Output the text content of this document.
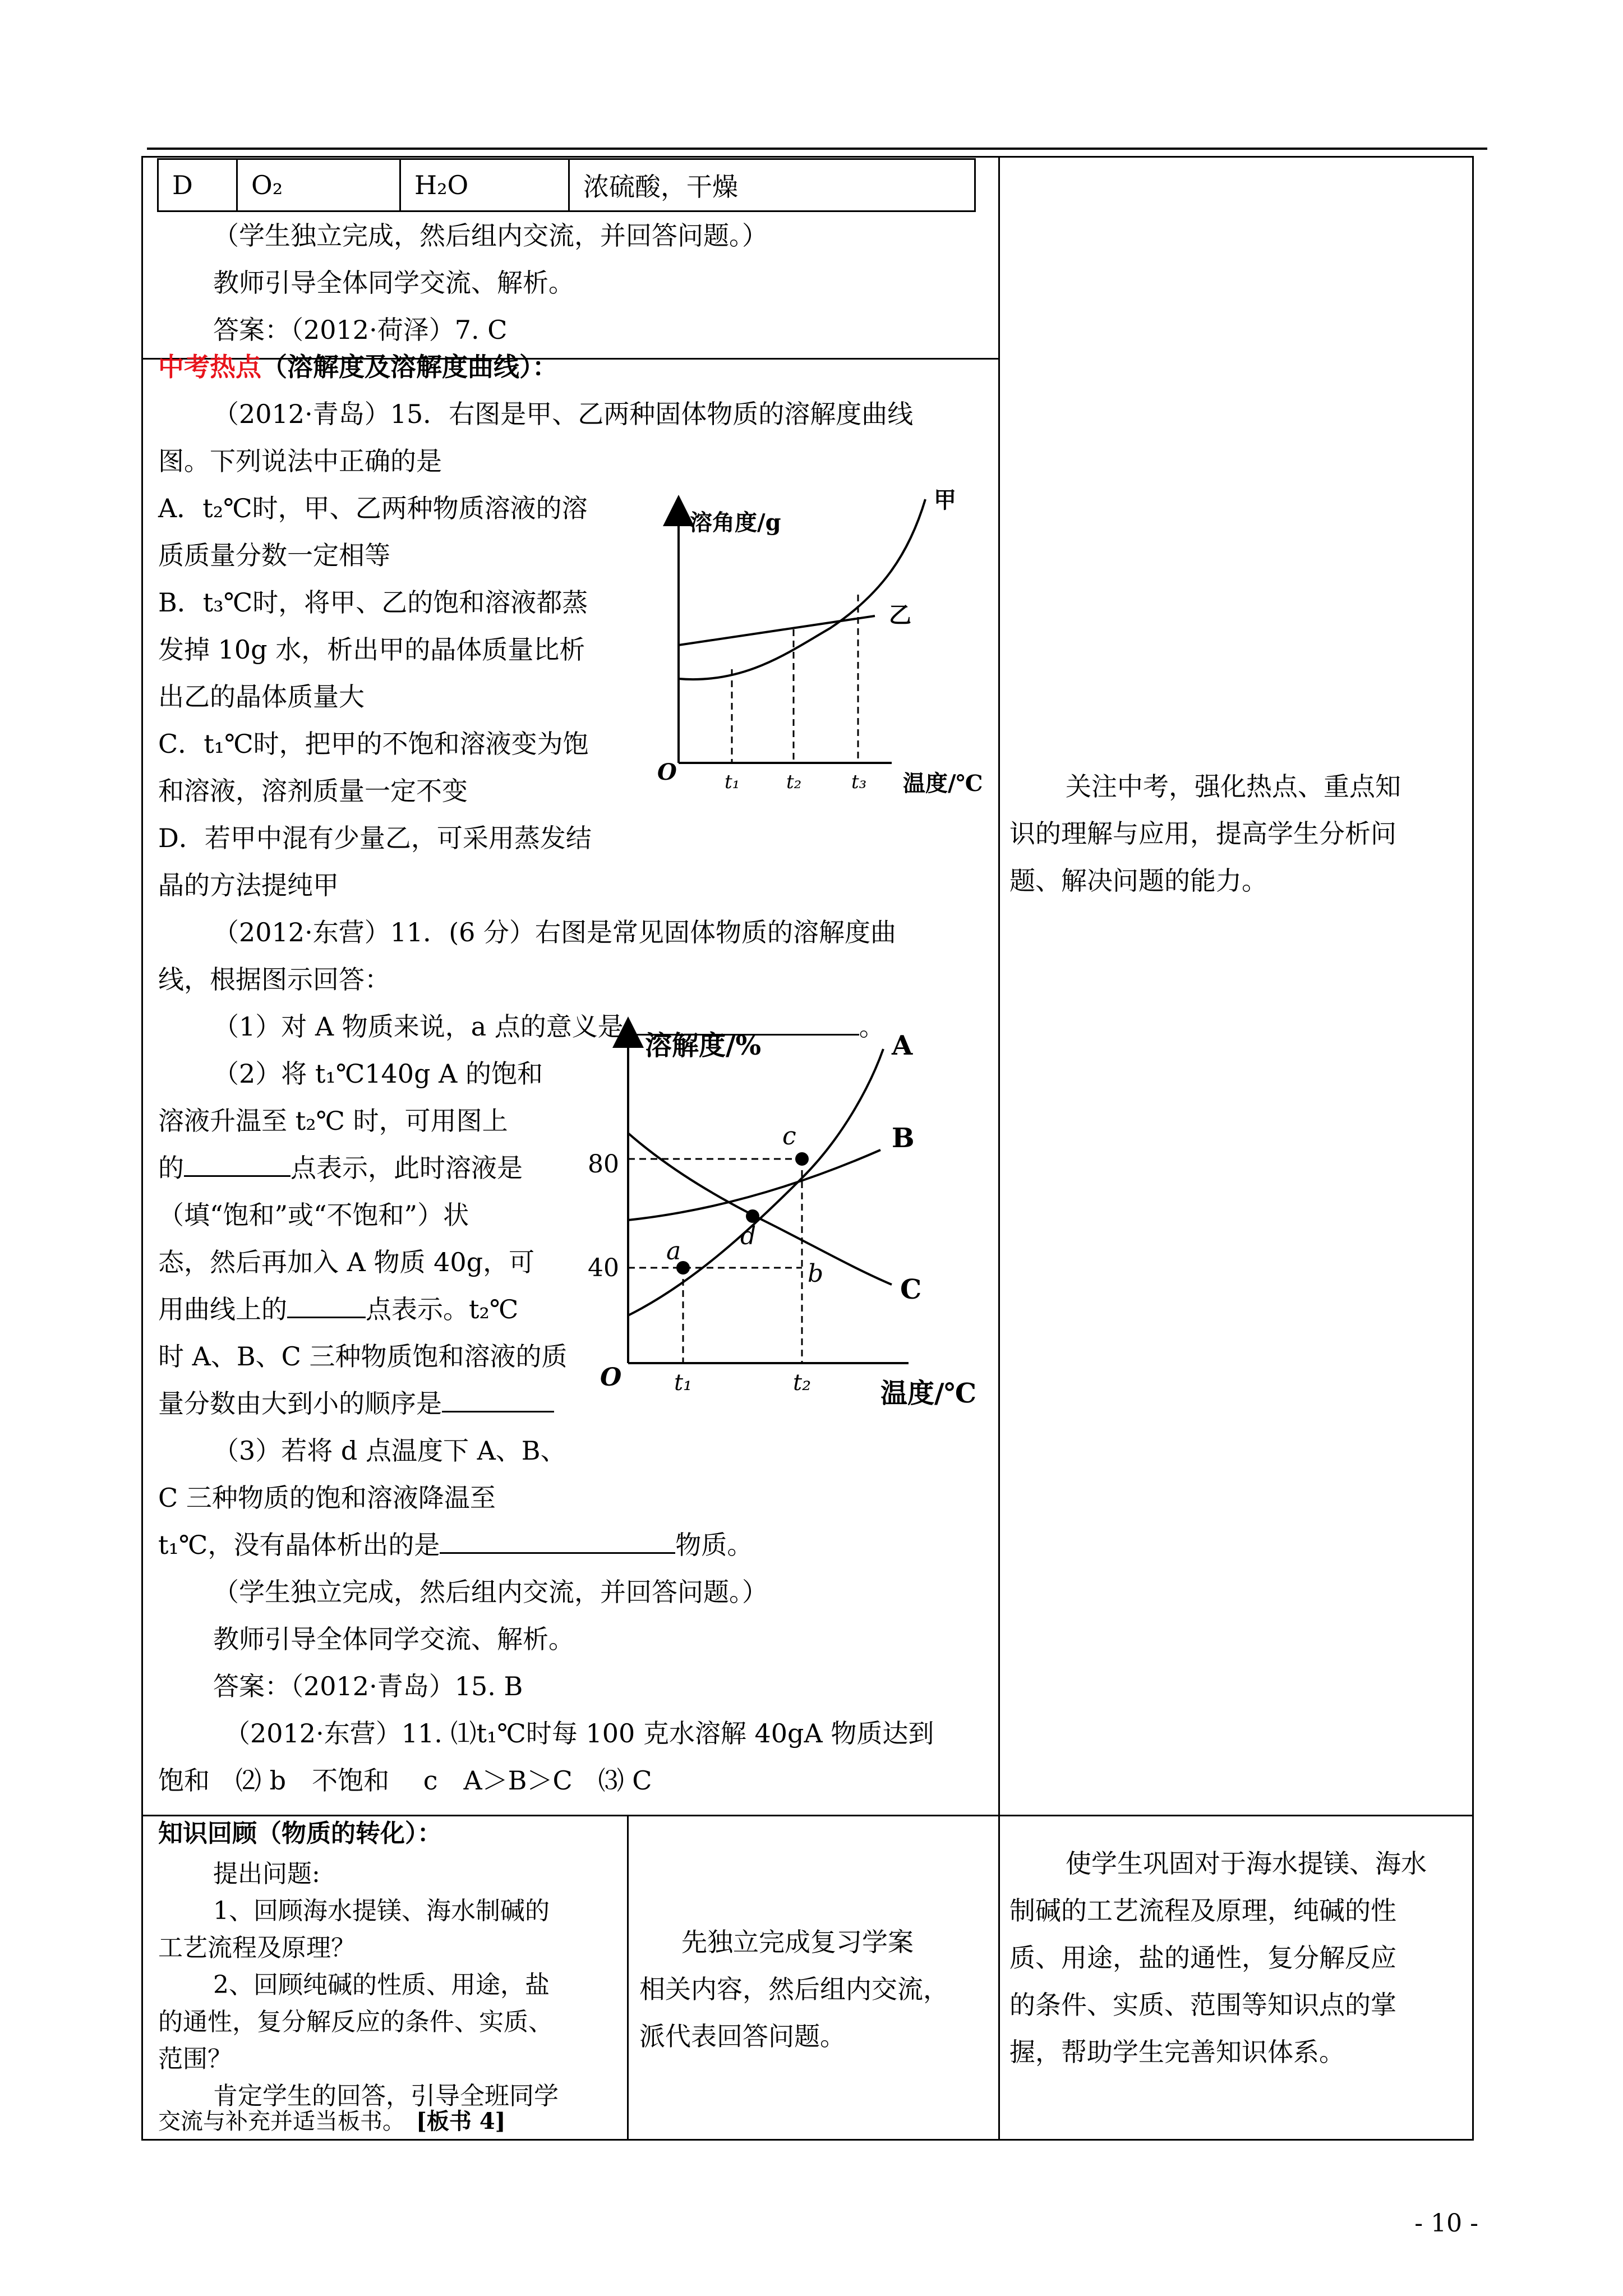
D	O₂	H₂O	浓硫酸，干燥
（学生独立完成，然后组内交流，并回答问题。）
教师引导全体同学交流、解析。
答案：（2012·荷泽）7. C
中考热点（溶解度及溶解度曲线）：
（2012·青岛）15．右图是甲、乙两种固体物质的溶解度曲线
图。下列说法中正确的是
A．t₂℃时，甲、乙两种物质溶液的溶
质质量分数一定相等
B．t₃℃时，将甲、乙的饱和溶液都蒸
发掉 10g 水，析出甲的晶体质量比析
出乙的晶体质量大
C．t₁℃时，把甲的不饱和溶液变为饱
和溶液，溶剂质量一定不变
D．若甲中混有少量乙，可采用蒸发结
晶的方法提纯甲
溶角度/g
温度/℃
O	t₁ t₂	t₃
甲
乙
（2012·东营）11．(6 分）右图是常见固体物质的溶解度曲
线，根据图示回答：
（1）对 A 物质来说，a 点的意义是	。
（2）将 t₁℃140g A 的饱和
溶液升温至 t₂℃ 时，可用图上
的	点表示，此时溶液是
（填“饱和”或“不饱和”）状
态，然后再加入 A 物质 40g，可
用曲线上的	点表示。t₂℃
时 A、B、C 三种物质饱和溶液的质
量分数由大到小的顺序是
（3）若将 d 点温度下 A、B、
C 三种物质的饱和溶液降温至
t₁℃，没有晶体析出的是	物质。
溶解度/%
温度/℃
O
80
40
a
b
c
d
t₁	t₂
A
B
C
（学生独立完成，然后组内交流，并回答问题。）
教师引导全体同学交流、解析。
答案：（2012·青岛）15. B
（2012·东营）11. ⑴t₁℃时每 100 克水溶解 40gA 物质达到
饱和　⑵ b　不饱和　 c　A＞B＞C　⑶ C
关注中考，强化热点、重点知
识的理解与应用，提高学生分析问
题、解决问题的能力。
先独立完成复习学案
相关内容，然后组内交流，
派代表回答问题。
使学生巩固对于海水提镁、海水
制碱的工艺流程及原理，纯碱的性
质、用途，盐的通性，复分解反应
的条件、实质、范围等知识点的掌
握，帮助学生完善知识体系。
- 10 -
知识回顾（物质的转化）：
提出问题:
1、回顾海水提镁、海水制碱的
工艺流程及原理？
2、回顾纯碱的性质、用途，盐
的通性，复分解反应的条件、实质、
范围？
肯定学生的回答，引导全班同学
交流与补充并适当板书。　[板书 4]
